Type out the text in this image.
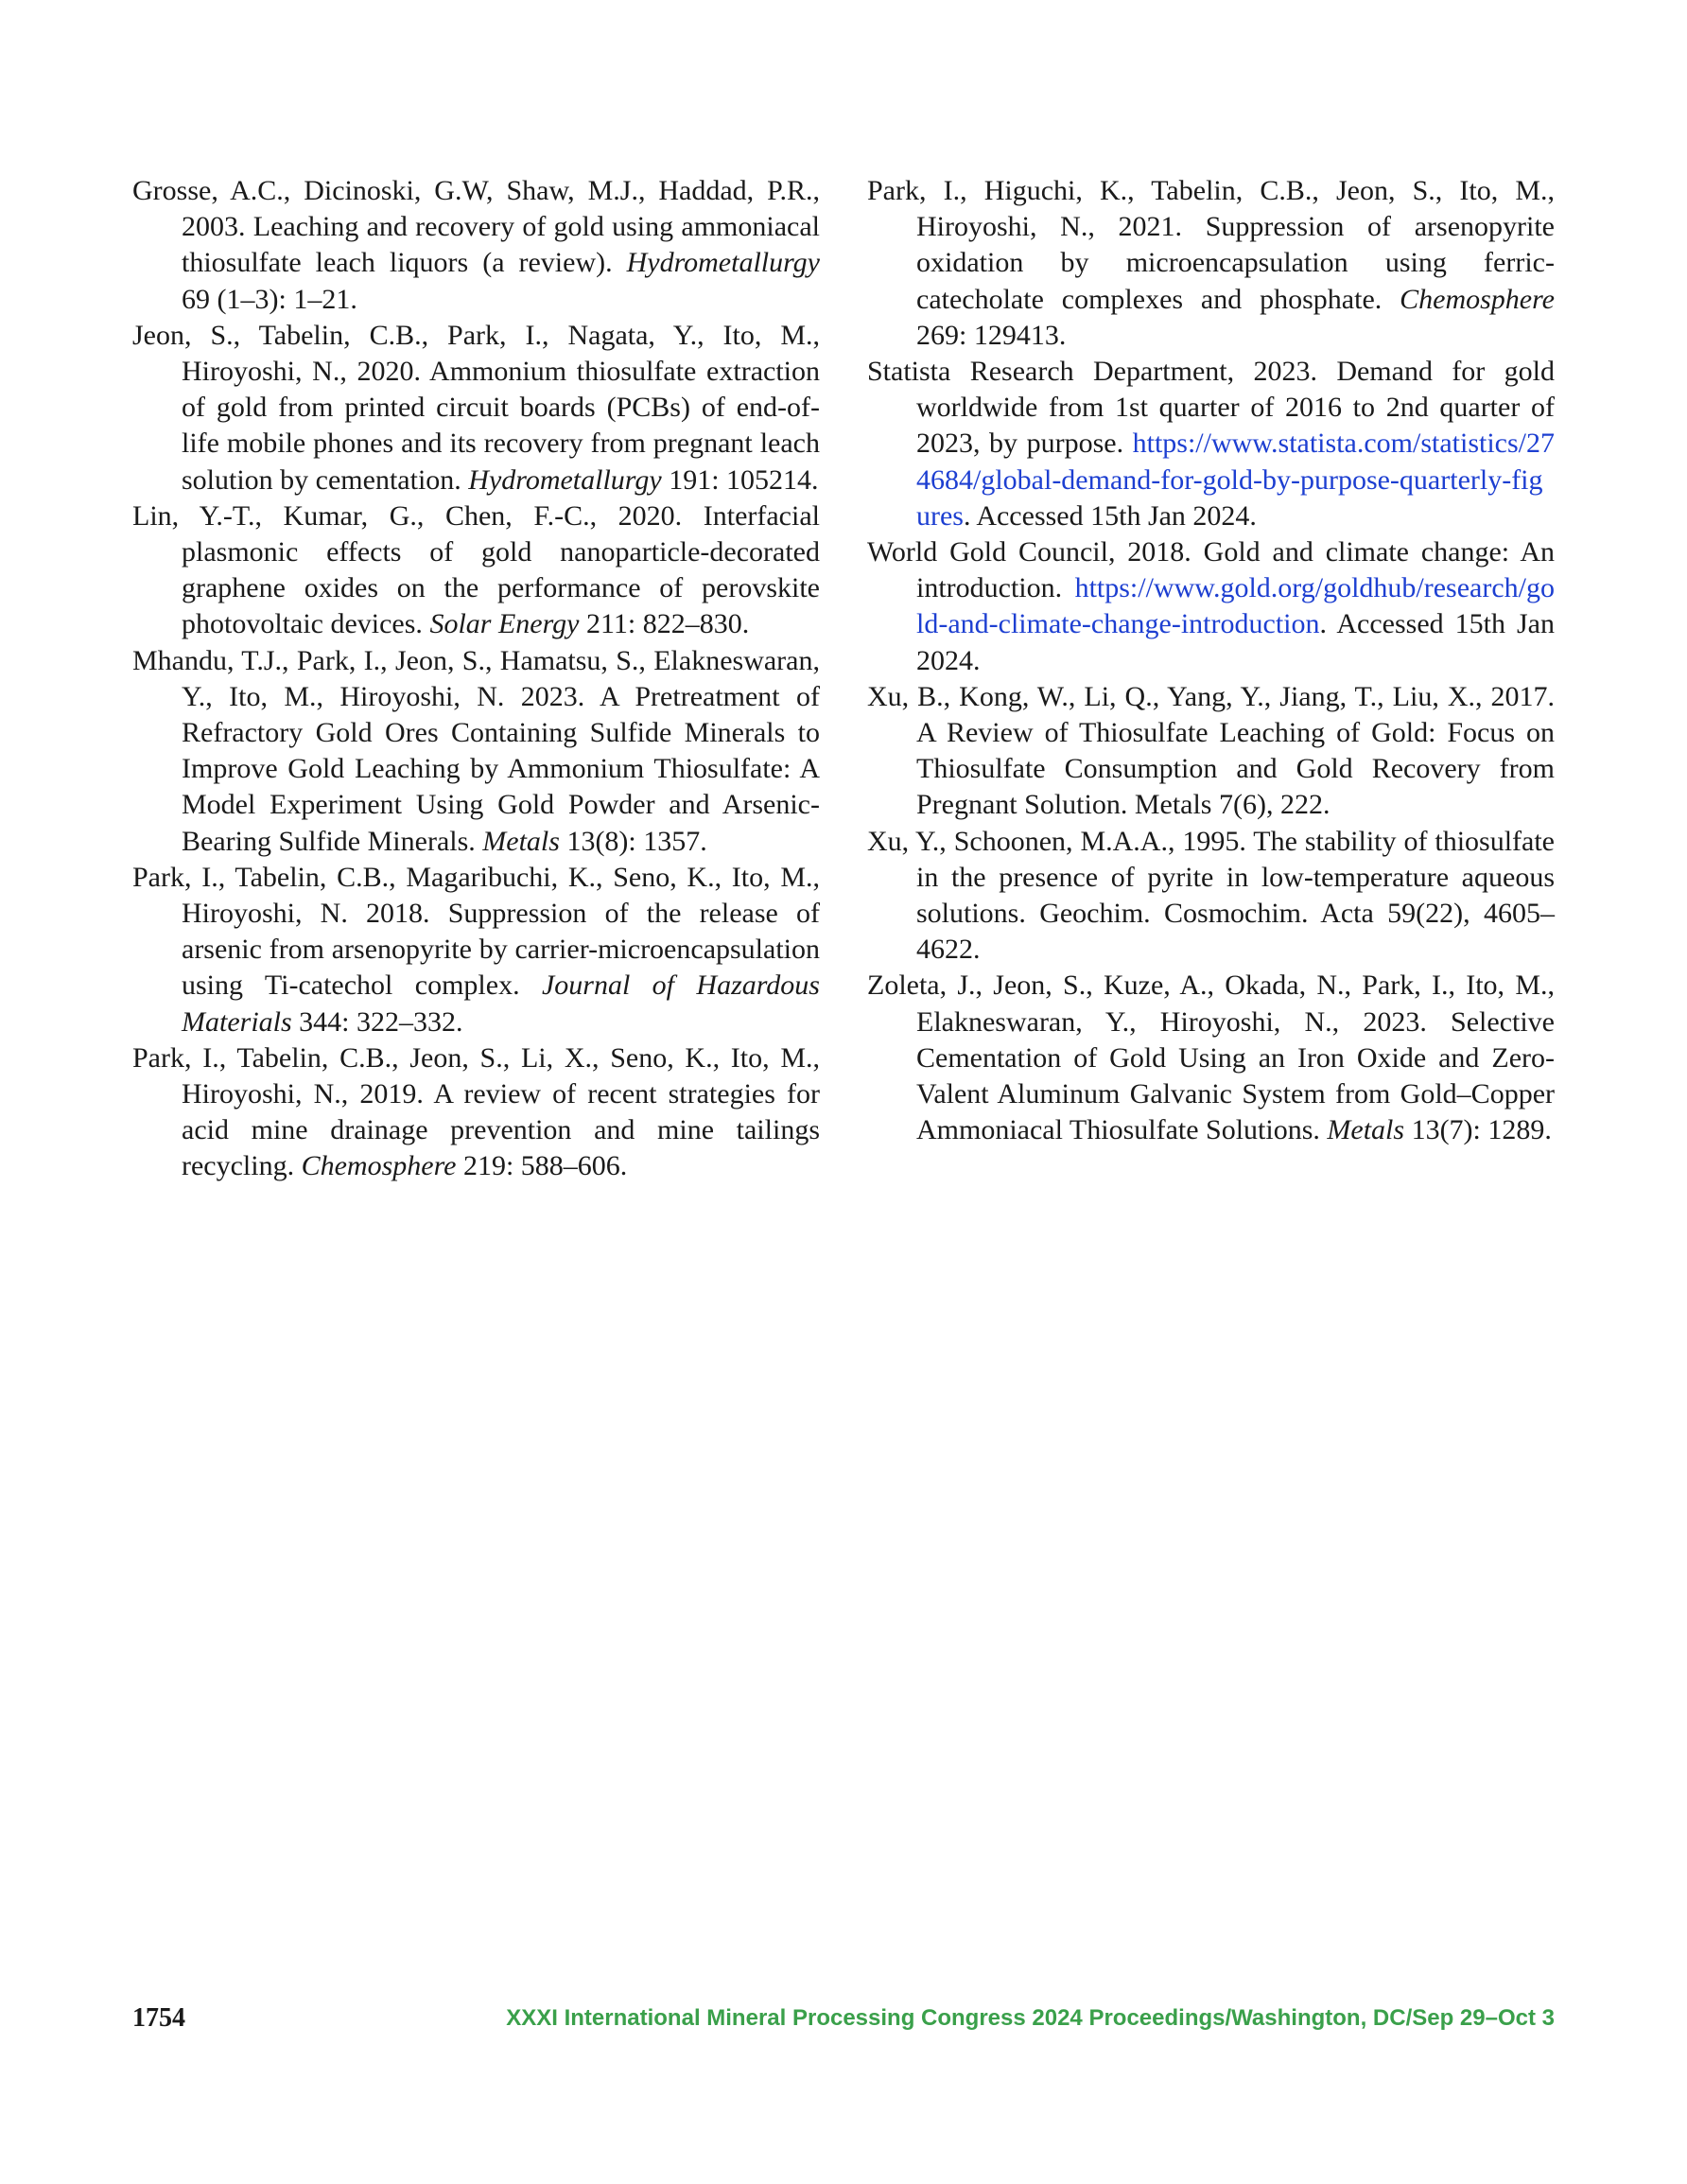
Grosse, A.C., Dicinoski, G.W, Shaw, M.J., Haddad, P.R., 2003. Leaching and recovery of gold using ammoniacal thiosulfate leach liquors (a review). Hydrometallurgy 69 (1–3): 1–21.

Jeon, S., Tabelin, C.B., Park, I., Nagata, Y., Ito, M., Hiroyoshi, N., 2020. Ammonium thiosulfate extraction of gold from printed circuit boards (PCBs) of end-of-life mobile phones and its recovery from pregnant leach solution by cementation. Hydrometallurgy 191: 105214.

Lin, Y.-T., Kumar, G., Chen, F.-C., 2020. Interfacial plasmonic effects of gold nanoparticle-decorated graphene oxides on the performance of perovskite photovoltaic devices. Solar Energy 211: 822–830.

Mhandu, T.J., Park, I., Jeon, S., Hamatsu, S., Elakneswaran, Y., Ito, M., Hiroyoshi, N. 2023. A Pretreatment of Refractory Gold Ores Containing Sulfide Minerals to Improve Gold Leaching by Ammonium Thiosulfate: A Model Experiment Using Gold Powder and Arsenic-Bearing Sulfide Minerals. Metals 13(8): 1357.

Park, I., Tabelin, C.B., Magaribuchi, K., Seno, K., Ito, M., Hiroyoshi, N. 2018. Suppression of the release of arsenic from arsenopyrite by carrier-microencapsulation using Ti-catechol complex. Journal of Hazardous Materials 344: 322–332.

Park, I., Tabelin, C.B., Jeon, S., Li, X., Seno, K., Ito, M., Hiroyoshi, N., 2019. A review of recent strategies for acid mine drainage prevention and mine tailings recycling. Chemosphere 219: 588–606.

Park, I., Higuchi, K., Tabelin, C.B., Jeon, S., Ito, M., Hiroyoshi, N., 2021. Suppression of arsenopyrite oxidation by microencapsulation using ferric-catecholate complexes and phosphate. Chemosphere 269: 129413.

Statista Research Department, 2023. Demand for gold worldwide from 1st quarter of 2016 to 2nd quarter of 2023, by purpose. https://www.statista.com/statistics/274684/global-demand-for-gold-by-purpose-quarterly-figures. Accessed 15th Jan 2024.

World Gold Council, 2018. Gold and climate change: An introduction. https://www.gold.org/goldhub/research/gold-and-climate-change-introduction. Accessed 15th Jan 2024.

Xu, B., Kong, W., Li, Q., Yang, Y., Jiang, T., Liu, X., 2017. A Review of Thiosulfate Leaching of Gold: Focus on Thiosulfate Consumption and Gold Recovery from Pregnant Solution. Metals 7(6), 222.

Xu, Y., Schoonen, M.A.A., 1995. The stability of thiosulfate in the presence of pyrite in low-temperature aqueous solutions. Geochim. Cosmochim. Acta 59(22), 4605–4622.

Zoleta, J., Jeon, S., Kuze, A., Okada, N., Park, I., Ito, M., Elakneswaran, Y., Hiroyoshi, N., 2023. Selective Cementation of Gold Using an Iron Oxide and Zero-Valent Aluminum Galvanic System from Gold–Copper Ammoniacal Thiosulfate Solutions. Metals 13(7): 1289.

1754	XXXI International Mineral Processing Congress 2024 Proceedings/Washington, DC/Sep 29–Oct 3
